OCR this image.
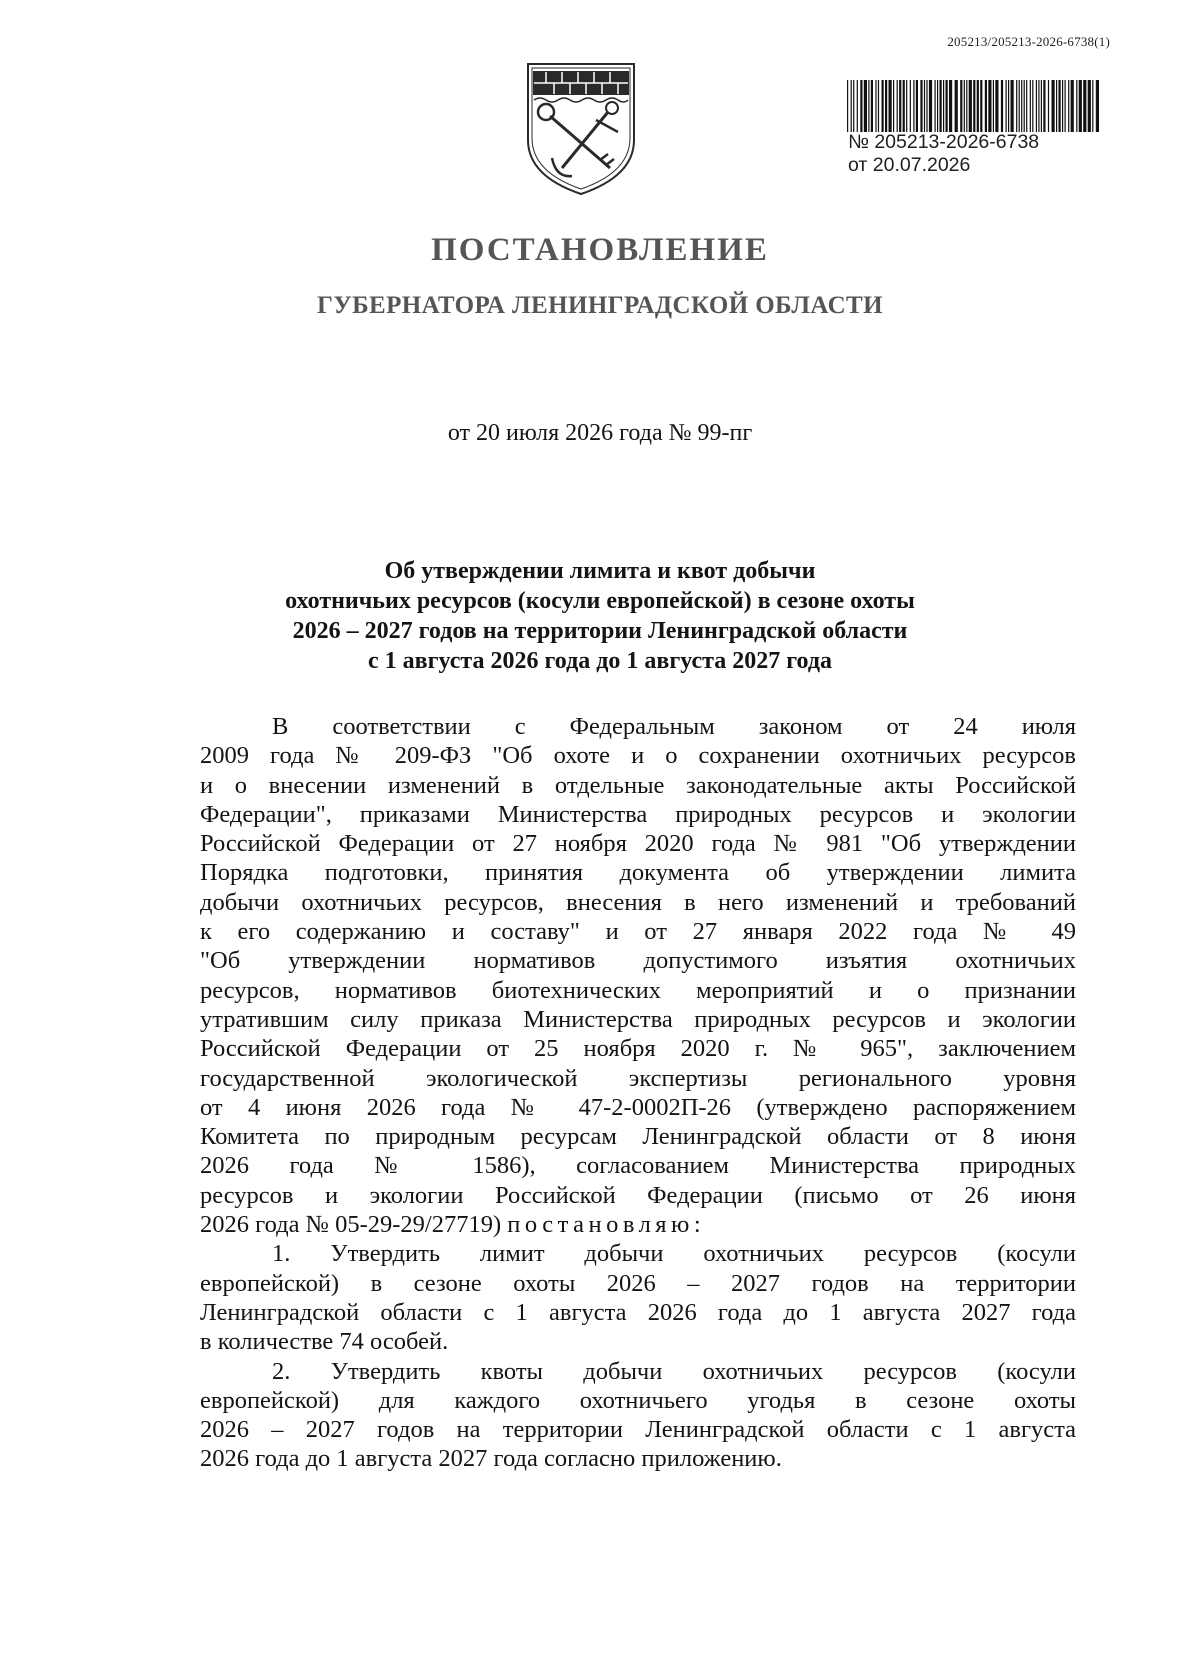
205213/205213-2026-6738(1)
№ 205213-2026-6738
от 20.07.2026
ПОСТАНОВЛЕНИЕ
ГУБЕРНАТОРА ЛЕНИНГРАДСКОЙ ОБЛАСТИ
от 20 июля 2026 года № 99-пг
Об утверждении лимита и квот добычи
охотничьих ресурсов (косули европейской) в сезоне охоты
2026 – 2027 годов на территории Ленинградской области
с 1 августа 2026 года до 1 августа 2027 года

В соответствии с Федеральным законом от 24 июля
2009 года № 209-ФЗ "Об охоте и о сохранении охотничьих ресурсов
и о внесении изменений в отдельные законодательные акты Российской
Федерации", приказами Министерства природных ресурсов и экологии
Российской Федерации от 27 ноября 2020 года № 981 "Об утверждении
Порядка подготовки, принятия документа об утверждении лимита
добычи охотничьих ресурсов, внесения в него изменений и требований
к его содержанию и составу" и от 27 января 2022 года № 49
"Об утверждении нормативов допустимого изъятия охотничьих
ресурсов, нормативов биотехнических мероприятий и о признании
утратившим силу приказа Министерства природных ресурсов и экологии
Российской Федерации от 25 ноября 2020 г. № 965", заключением
государственной экологической экспертизы регионального уровня
от 4 июня 2026 года № 47-2-0002П-26 (утверждено распоряжением
Комитета по природным ресурсам Ленинградской области от 8 июня
2026 года № 1586), согласованием Министерства природных
ресурсов и экологии Российской Федерации (письмо от 26 июня
2026 года № 05-29-29/27719) постановляю:

1. Утвердить лимит добычи охотничьих ресурсов (косули
европейской) в сезоне охоты 2026 – 2027 годов на территории
Ленинградской области с 1 августа 2026 года до 1 августа 2027 года
в количестве 74 особей.

2. Утвердить квоты добычи охотничьих ресурсов (косули
европейской) для каждого охотничьего угодья в сезоне охоты
2026 – 2027 годов на территории Ленинградской области с 1 августа
2026 года до 1 августа 2027 года согласно приложению.
